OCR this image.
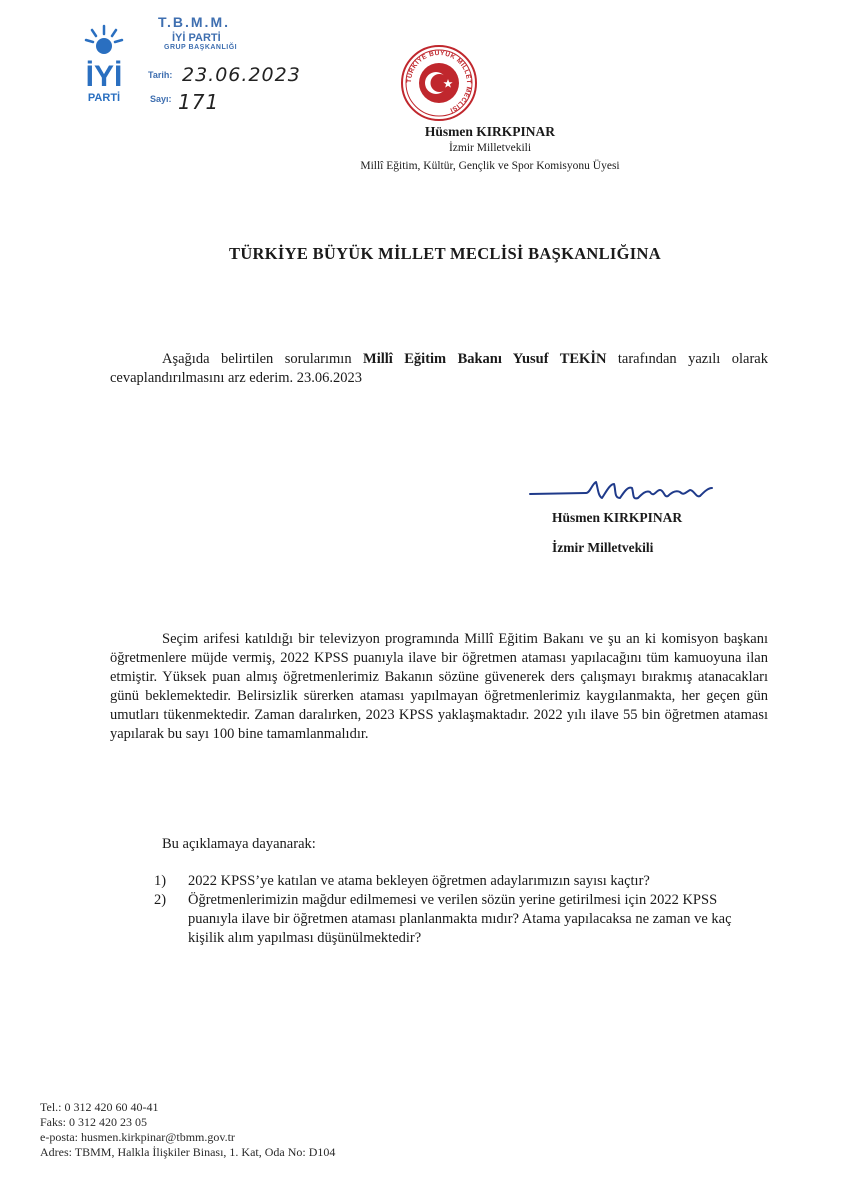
İYİ
PARTİ
T.B.M.M.
İYİ PARTİ
GRUP BAŞKANLIĞI
Tarih: 23.06.2023
Sayı: 171
TÜRKİYE BÜYÜK MİLLET MECLİSİ
Hüsmen KIRKPINAR
İzmir Milletvekili
Millî Eğitim, Kültür, Gençlik ve Spor Komisyonu Üyesi
TÜRKİYE BÜYÜK MİLLET MECLİSİ BAŞKANLIĞINA
Aşağıda belirtilen sorularımın Millî Eğitim Bakanı Yusuf TEKİN tarafından yazılı olarak cevaplandırılmasını arz ederim. 23.06.2023
Hüsmen KIRKPINAR
İzmir Milletvekili
Seçim arifesi katıldığı bir televizyon programında Millî Eğitim Bakanı ve şu an ki komisyon başkanı öğretmenlere müjde vermiş, 2022 KPSS puanıyla ilave bir öğretmen ataması yapılacağını tüm kamuoyuna ilan etmiştir. Yüksek puan almış öğretmenlerimiz Bakanın sözüne güvenerek ders çalışmayı bırakmış atanacakları günü beklemektedir. Belirsizlik sürerken ataması yapılmayan öğretmenlerimiz kaygılanmakta, her geçen gün umutları tükenmektedir. Zaman daralırken, 2023 KPSS yaklaşmaktadır. 2022 yılı ilave 55 bin öğretmen ataması yapılarak bu sayı 100 bine tamamlanmalıdır.
Bu açıklamaya dayanarak:
1) 2022 KPSS’ye katılan ve atama bekleyen öğretmen adaylarımızın sayısı kaçtır?
2) Öğretmenlerimizin mağdur edilmemesi ve verilen sözün yerine getirilmesi için 2022 KPSS puanıyla ilave bir öğretmen ataması planlanmakta mıdır? Atama yapılacaksa ne zaman ve kaç kişilik alım yapılması düşünülmektedir?
Tel.: 0 312 420 60 40-41
Faks: 0 312 420 23 05
e-posta: husmen.kirkpinar@tbmm.gov.tr
Adres: TBMM, Halkla İlişkiler Binası, 1. Kat, Oda No: D104
